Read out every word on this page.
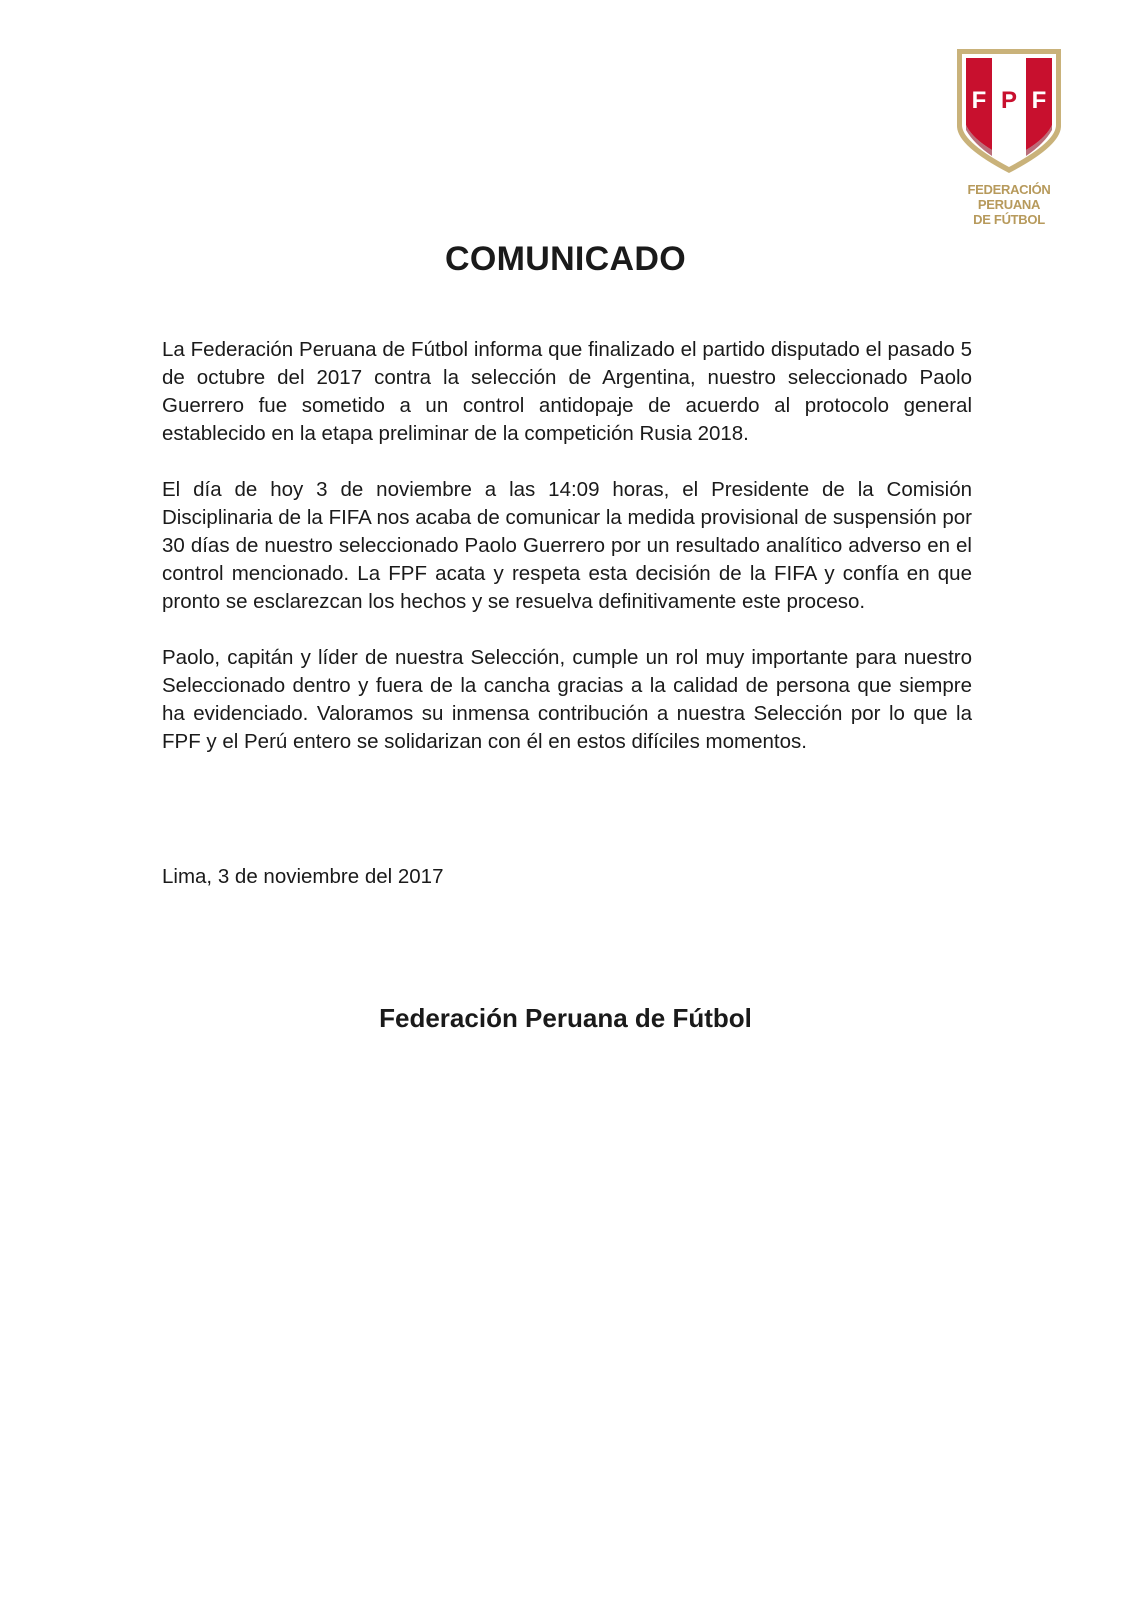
F P F
FEDERACIÓN PERUANA
DE FÚTBOL
COMUNICADO

La Federación Peruana de Fútbol informa que finalizado el partido disputado el pasado 5 de octubre del 2017 contra la selección de Argentina, nuestro seleccionado Paolo Guerrero fue sometido a un control antidopaje de acuerdo al protocolo general establecido en la etapa preliminar de la competición Rusia 2018.

El día de hoy 3 de noviembre a las 14:09 horas, el Presidente de la Comisión Disciplinaria de la FIFA nos acaba de comunicar la medida provisional de suspensión por 30 días de nuestro seleccionado Paolo Guerrero por un resultado analítico adverso en el control mencionado. La FPF acata y respeta esta decisión de la FIFA y confía en que pronto se esclarezcan los hechos y se resuelva definitivamente este proceso.

Paolo, capitán y líder de nuestra Selección, cumple un rol muy importante para nuestro Seleccionado dentro y fuera de la cancha gracias a la calidad de persona que siempre ha evidenciado. Valoramos su inmensa contribución a nuestra Selección por lo que la FPF y el Perú entero se solidarizan con él en estos difíciles momentos.

Lima, 3 de noviembre del 2017
Federación Peruana de Fútbol
